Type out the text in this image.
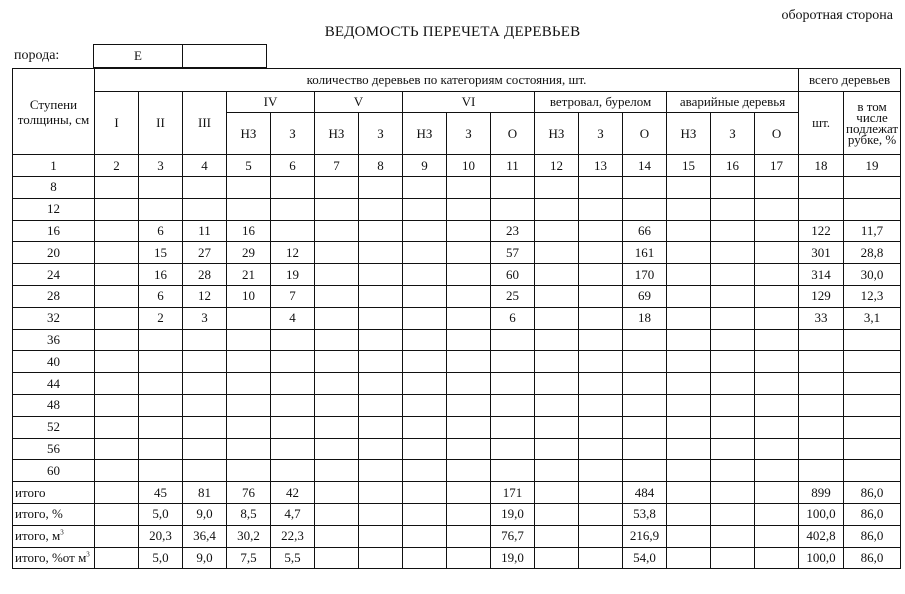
оборотная сторона
ВЕДОМОСТЬ ПЕРЕЧЕТА ДЕРЕВЬЕВ
порода:	Е
Ступени толщины, см	количество деревьев по категориям состояния, шт.																всего деревьев	
	I	II	III	IV		V		VI			ветровал, бурелом			аварийные деревья			шт.	в том числе подлежат рубке, %
				НЗ	З	НЗ	З	НЗ	З	О	НЗ	З	О	НЗ	З	О		
1	2	3	4	5	6	7	8	9	10	11	12	13	14	15	16	17	18	19
8																		
12																		
16		6	11	16						23			66				122	11,7
20		15	27	29	12					57			161				301	28,8
24		16	28	21	19					60			170				314	30,0
28		6	12	10	7					25			69				129	12,3
32		2	3		4					6			18				33	3,1
36																		
40																		
44																		
48																		
52																		
56																		
60																		
итого		45	81	76	42					171			484				899	86,0
итого, %		5,0	9,0	8,5	4,7					19,0			53,8				100,0	86,0
итого, $м^3$		20,3	36,4	30,2	22,3					76,7			216,9				402,8	86,0
итого, %от $м^3$		5,0	9,0	7,5	5,5					19,0			54,0				100,0	86,0
